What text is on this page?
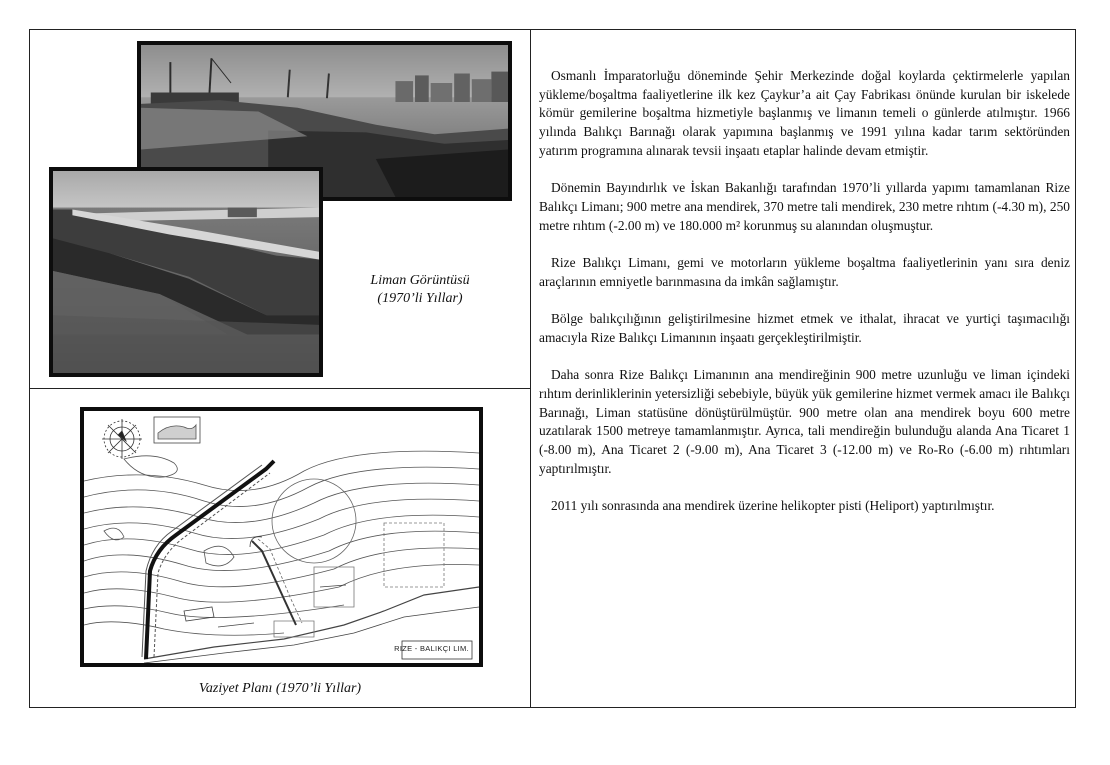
Liman Görüntüsü
(1970’li Yıllar)
RIZE - BALIKÇI LIM.
Vaziyet Planı (1970’li Yıllar)

Osmanlı İmparatorluğu döneminde Şehir Merkezinde doğal koylarda çektirmelerle yapılan yükleme/boşaltma faaliyetlerine ilk kez Çaykur’a ait Çay Fabrikası önünde kurulan bir iskelede kömür gemilerine boşaltma hizmetiyle başlanmış ve limanın temeli o günlerde atılmıştır. 1966 yılında Balıkçı Barınağı olarak yapımına başlanmış ve 1991 yılına kadar tarım sektöründen yatırım programına alınarak tevsii inşaatı etaplar halinde devam etmiştir.

Dönemin Bayındırlık ve İskan Bakanlığı tarafından 1970’li yıllarda yapımı tamamlanan Rize Balıkçı Limanı; 900 metre ana mendirek, 370 metre tali mendirek, 230 metre rıhtım (-4.30 m), 250 metre rıhtım (-2.00 m) ve 180.000 m² korunmuş su alanından oluşmuştur.

Rize Balıkçı Limanı, gemi ve motorların yükleme boşaltma faaliyetlerinin yanı sıra deniz araçlarının emniyetle barınmasına da imkân sağlamıştır.

Bölge balıkçılığının geliştirilmesine hizmet etmek ve ithalat, ihracat ve yurtiçi taşımacılığı amacıyla Rize Balıkçı Limanının inşaatı gerçekleştirilmiştir.

Daha sonra Rize Balıkçı Limanının ana mendireğinin 900 metre uzunluğu ve liman içindeki rıhtım derinliklerinin yetersizliği sebebiyle, büyük yük gemilerine hizmet vermek amacı ile Balıkçı Barınağı, Liman statüsüne dönüştürülmüştür. 900 metre olan ana mendirek boyu 600 metre uzatılarak 1500 metreye tamamlanmıştır. Ayrıca, tali mendireğin bulunduğu alanda Ana Ticaret 1 (-8.00 m), Ana Ticaret 2 (-9.00 m), Ana Ticaret 3 (-12.00 m) ve Ro-Ro (-6.00 m) rıhtımları yaptırılmıştır.

2011 yılı sonrasında ana mendirek üzerine helikopter pisti (Heliport) yaptırılmıştır.
